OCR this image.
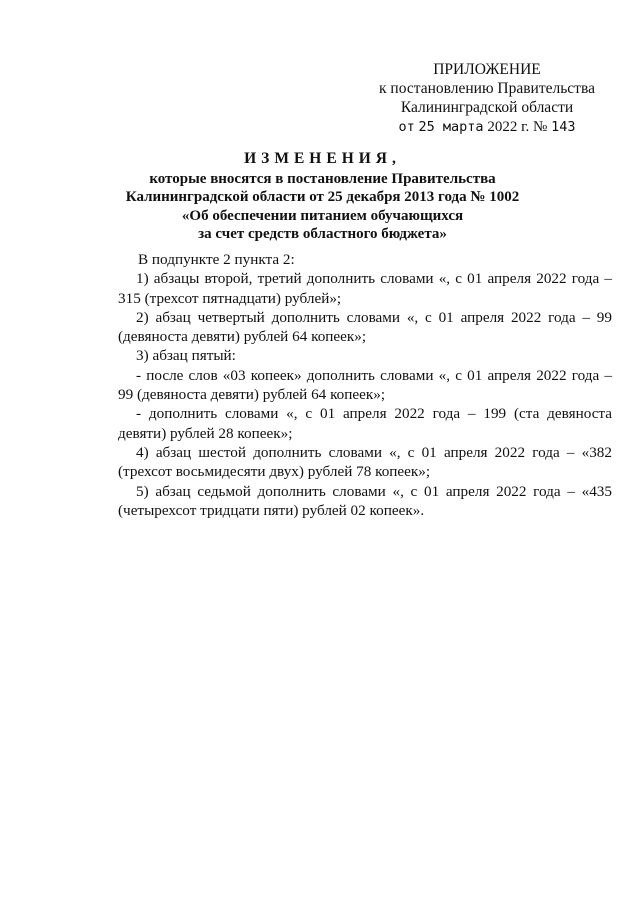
ПРИЛОЖЕНИЕ
к постановлению Правительства
Калининградской области
от 25 марта 2022 г. № 143
ИЗМЕНЕНИЯ,
которые вносятся в постановление Правительства
Калининградской области от 25 декабря 2013 года № 1002
«Об обеспечении питанием обучающихся
за счет средств областного бюджета»

В подпункте 2 пункта 2:

1) абзацы второй, третий дополнить словами «, с 01 апреля 2022 года – 315 (трехсот пятнадцати) рублей»;

2) абзац четвертый дополнить словами «, с 01 апреля 2022 года – 99 (девяноста девяти) рублей 64 копеек»;

3) абзац пятый:

- после слов «03 копеек» дополнить словами «, с 01 апреля 2022 года – 99 (девяноста девяти) рублей 64 копеек»;

- дополнить словами «, с 01 апреля 2022 года – 199 (ста девяноста девяти) рублей 28 копеек»;

4) абзац шестой дополнить словами «, с 01 апреля 2022 года – «382 (трехсот восьмидесяти двух) рублей 78 копеек»;

5) абзац седьмой дополнить словами «, с 01 апреля 2022 года – «435 (четырехсот тридцати пяти) рублей 02 копеек».
